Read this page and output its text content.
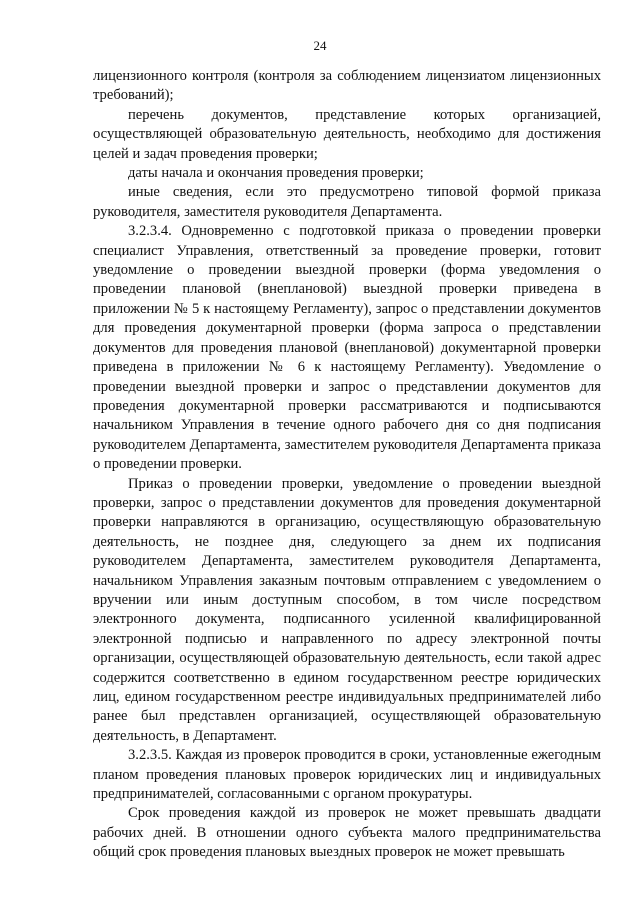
24

лицензионного контроля (контроля за соблюдением лицензиатом лицензионных требований);

перечень документов, представление которых организацией, осуществляющей образовательную деятельность, необходимо для достижения целей и задач проведения проверки;

даты начала и окончания проведения проверки;

иные сведения, если это предусмотрено типовой формой приказа руководителя, заместителя руководителя Департамента.

3.2.3.4. Одновременно с подготовкой приказа о проведении проверки специалист Управления, ответственный за проведение проверки, готовит уведомление о проведении выездной проверки (форма уведомления о проведении плановой (внеплановой) выездной проверки приведена в приложении № 5 к настоящему Регламенту), запрос о представлении документов для проведения документарной проверки (форма запроса о представлении документов для проведения плановой (внеплановой) документарной проверки приведена в приложении № 6 к настоящему Регламенту). Уведомление о проведении выездной проверки и запрос о представлении документов для проведения документарной проверки рассматриваются и подписываются начальником Управления в течение одного рабочего дня со дня подписания руководителем Департамента, заместителем руководителя Департамента приказа о проведении проверки.

Приказ о проведении проверки, уведомление о проведении выездной проверки, запрос о представлении документов для проведения документарной проверки направляются в организацию, осуществляющую образовательную деятельность, не позднее дня, следующего за днем их подписания руководителем Департамента, заместителем руководителя Департамента, начальником Управления заказным почтовым отправлением с уведомлением о вручении или иным доступным способом, в том числе посредством электронного документа, подписанного усиленной квалифицированной электронной подписью и направленного по адресу электронной почты организации, осуществляющей образовательную деятельность, если такой адрес содержится соответственно в едином государственном реестре юридических лиц, едином государственном реестре индивидуальных предпринимателей либо ранее был представлен организацией, осуществляющей образовательную деятельность, в Департамент.

3.2.3.5. Каждая из проверок проводится в сроки, установленные ежегодным планом проведения плановых проверок юридических лиц и индивидуальных предпринимателей, согласованными с органом прокуратуры.

Срок проведения каждой из проверок не может превышать двадцати рабочих дней. В отношении одного субъекта малого предпринимательства общий срок проведения плановых выездных проверок не может превышать
